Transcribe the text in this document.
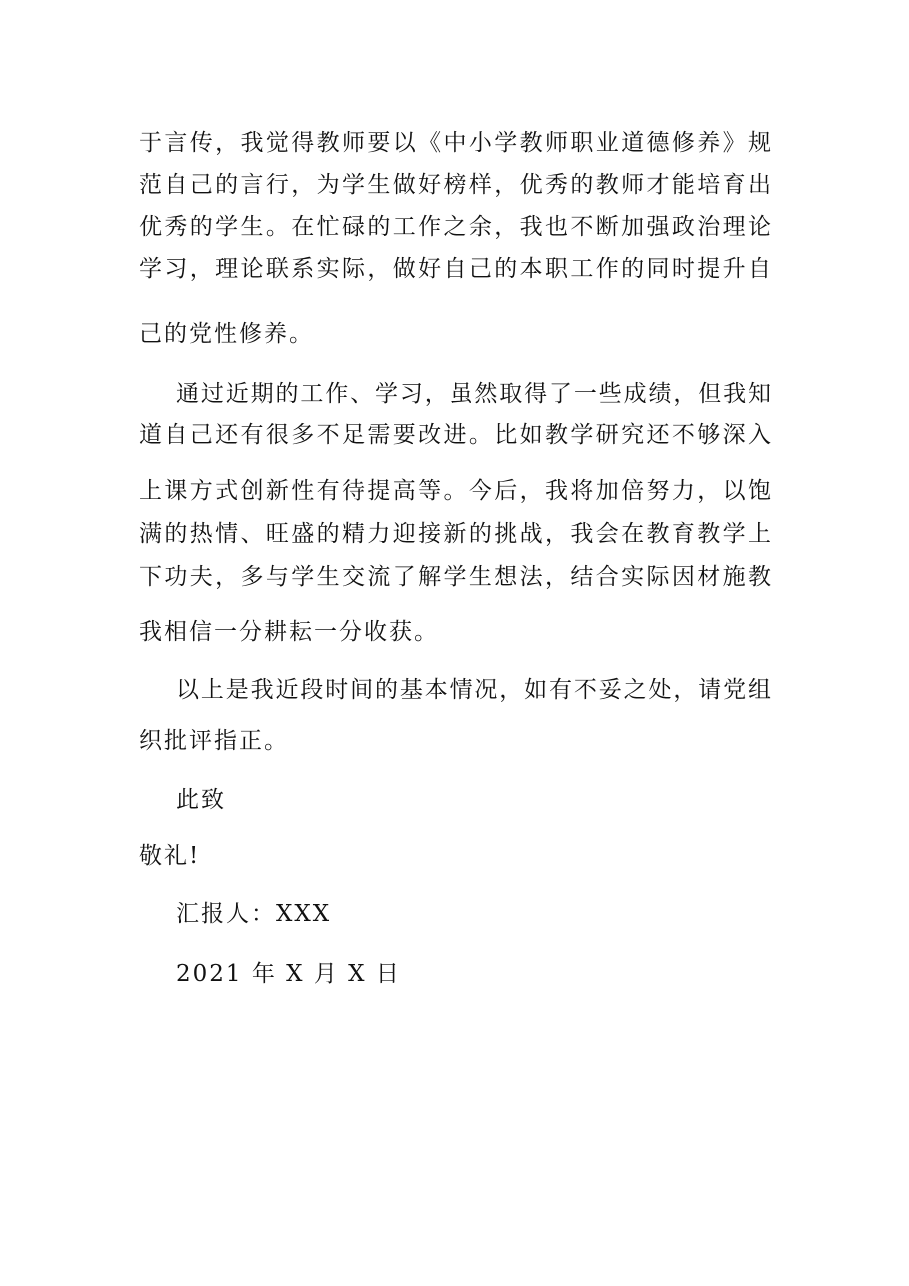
于言传，我觉得教师要以《中小学教师职业道德修养》规
范自己的言行，为学生做好榜样，优秀的教师才能培育出
优秀的学生。在忙碌的工作之余，我也不断加强政治理论
学习，理论联系实际，做好自己的本职工作的同时提升自
己的党性修养。
通过近期的工作、学习，虽然取得了一些成绩，但我知
道自己还有很多不足需要改进。比如教学研究还不够深入
上课方式创新性有待提高等。今后，我将加倍努力，以饱
满的热情、旺盛的精力迎接新的挑战，我会在教育教学上
下功夫，多与学生交流了解学生想法，结合实际因材施教
我相信一分耕耘一分收获。
以上是我近段时间的基本情况，如有不妥之处，请党组
织批评指正。
此致
敬礼!
汇报人：XXX
2021 年 X 月 X 日
